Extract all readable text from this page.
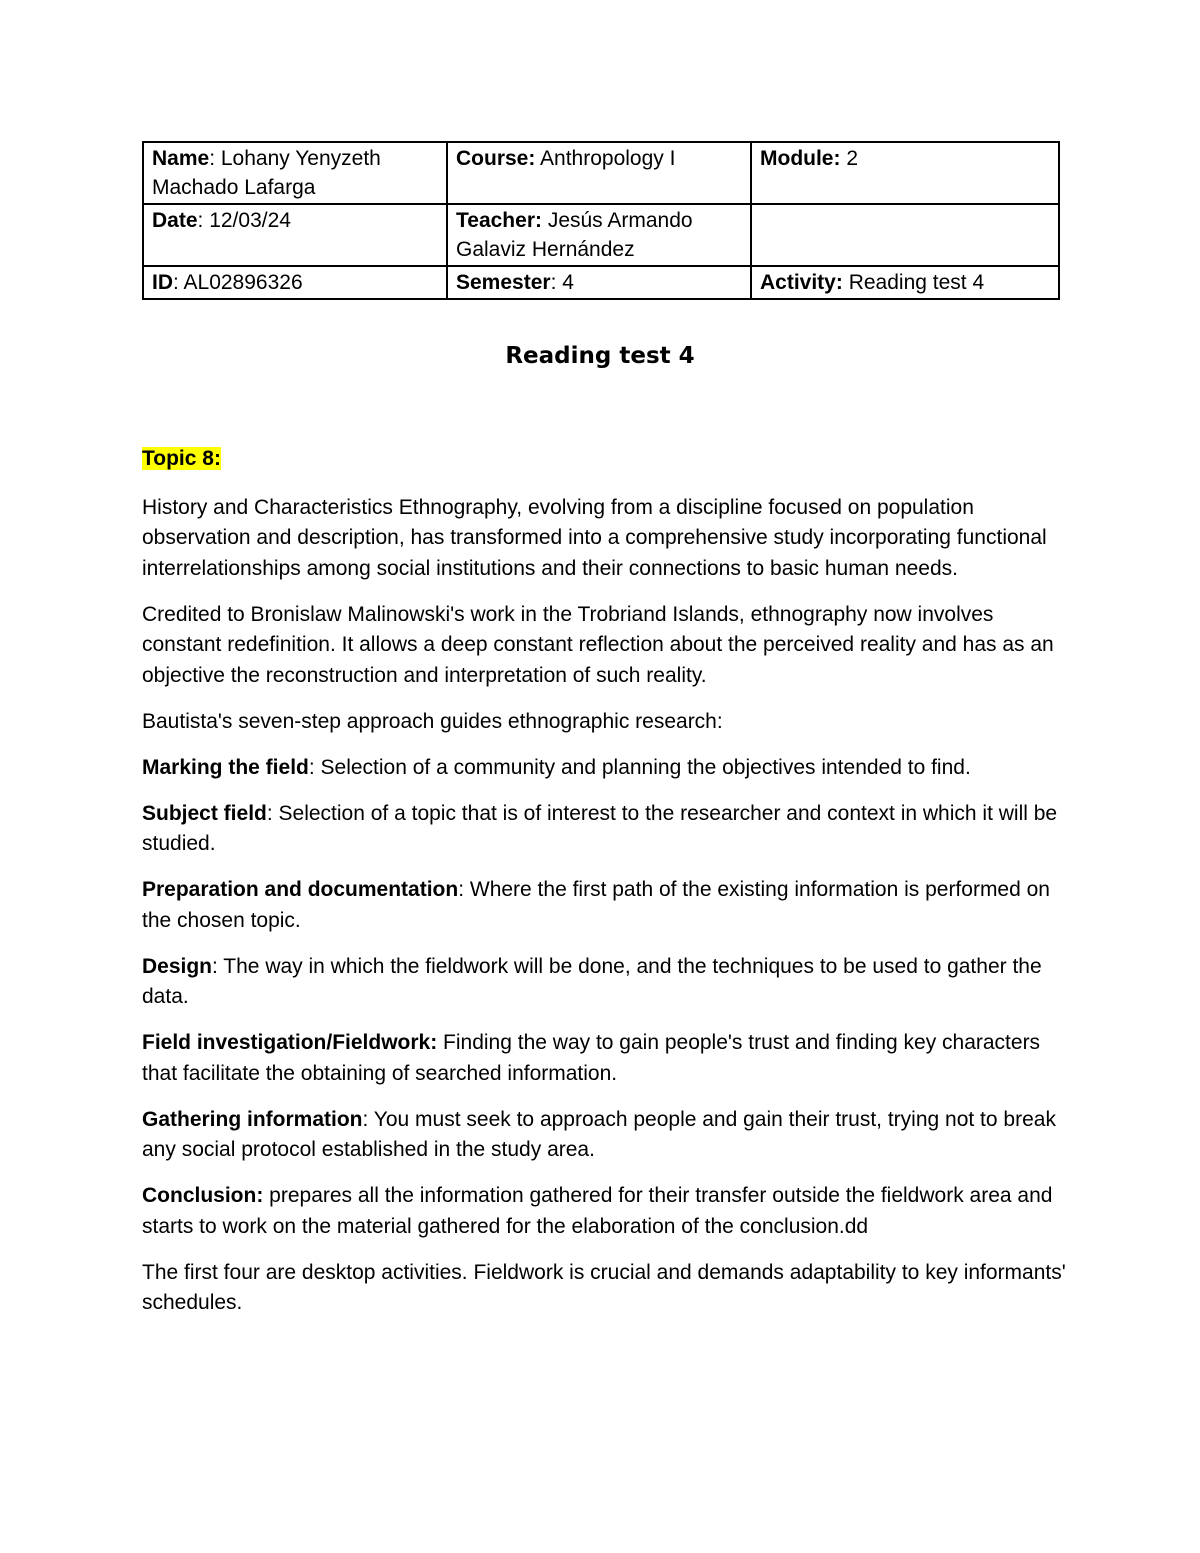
Name: Lohany Yenyzeth Machado Lafarga	Course: Anthropology I	Module: 2
Date: 12/03/24	Teacher: Jesús Armando Galaviz Hernández	
ID: AL02896326	Semester: 4	Activity: Reading test 4
Reading test 4

Topic 8:

History and Characteristics Ethnography, evolving from a discipline focused on population observation and description, has transformed into a comprehensive study incorporating functional interrelationships among social institutions and their connections to basic human needs.

Credited to Bronislaw Malinowski's work in the Trobriand Islands, ethnography now involves constant redefinition. It allows a deep constant reflection about the perceived reality and has as an objective the reconstruction and interpretation of such reality.

Bautista's seven-step approach guides ethnographic research:

Marking the field: Selection of a community and planning the objectives intended to find.

Subject field: Selection of a topic that is of interest to the researcher and context in which it will be studied.

Preparation and documentation: Where the first path of the existing information is performed on the chosen topic.

Design: The way in which the fieldwork will be done, and the techniques to be used to gather the data.

Field investigation/Fieldwork: Finding the way to gain people's trust and finding key characters that facilitate the obtaining of searched information.

Gathering information: You must seek to approach people and gain their trust, trying not to break any social protocol established in the study area.

Conclusion: prepares all the information gathered for their transfer outside the fieldwork area and starts to work on the material gathered for the elaboration of the conclusion.dd

The first four are desktop activities. Fieldwork is crucial and demands adaptability to key informants' schedules.
